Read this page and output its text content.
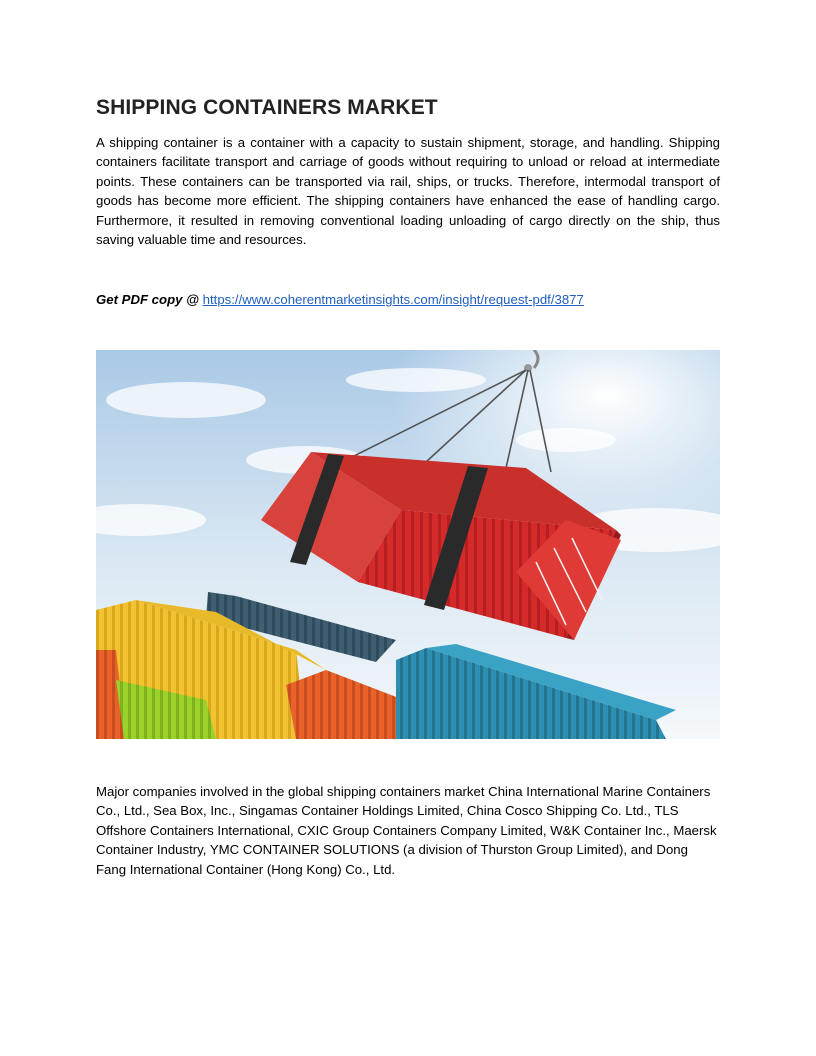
SHIPPING CONTAINERS MARKET

A shipping container is a container with a capacity to sustain shipment, storage, and handling. Shipping containers facilitate transport and carriage of goods without requiring to unload or reload at intermediate points. These containers can be transported via rail, ships, or trucks. Therefore, intermodal transport of goods has become more efficient. The shipping containers have enhanced the ease of handling cargo. Furthermore, it resulted in removing conventional loading unloading of cargo directly on the ship, thus saving valuable time and resources.

Get PDF copy @ https://www.coherentmarketinsights.com/insight/request-pdf/3877

Major companies involved in the global shipping containers market China International Marine Containers Co., Ltd., Sea Box, Inc., Singamas Container Holdings Limited, China Cosco Shipping Co. Ltd., TLS Offshore Containers International, CXIC Group Containers Company Limited, W&K Container Inc., Maersk Container Industry, YMC CONTAINER SOLUTIONS (a division of Thurston Group Limited), and Dong Fang International Container (Hong Kong) Co., Ltd.
